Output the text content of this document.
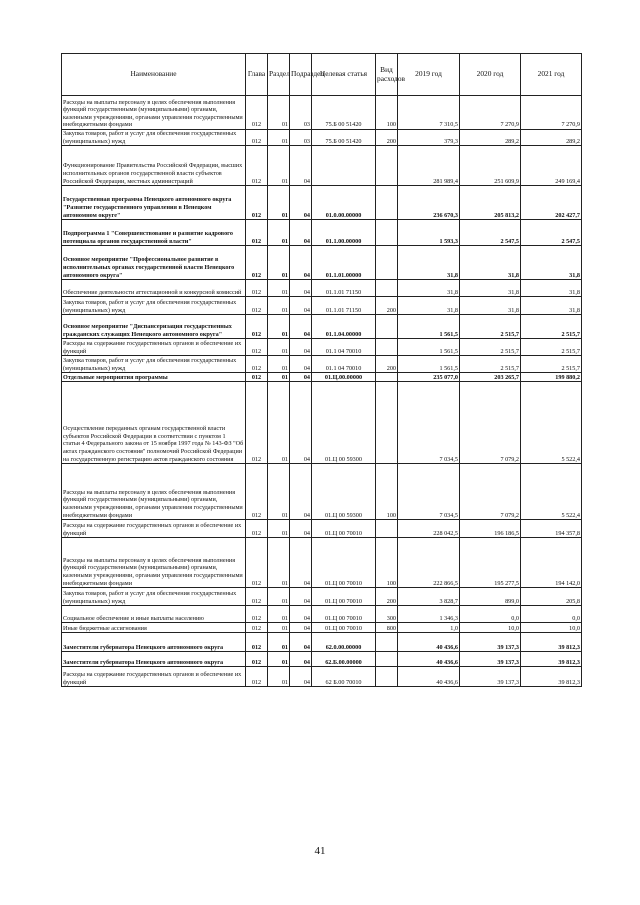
Наименование	Глава	Раздел	Подраздел	Целевая статья	Вид расходов	2019 год	2020 год	2021 год
Расходы на выплаты персоналу в целях обеспечения выполнения функций государственными (муниципальными) органами, казенными учреждениями, органами управления государственными внебюджетными фондами	012	01	03	75.Б 00 51420	100	7 310,5	7 270,9	7 270,9
Закупка товаров, работ и услуг для обеспечения государственных (муниципальных) нужд	012	01	03	75.Б 00 51420	200	379,3	289,2	289,2
Функционирование Правительства Российской Федерации, высших исполнительных органов государственной власти субъектов Российской Федерации, местных администраций	012	01	04			281 989,4	251 609,9	249 169,4
Государственная программа Ненецкого автономного округа "Развитие государственного управления в Ненецком автономном округе"	012	01	04	01.0.00.00000		236 670,3	205 813,2	202 427,7
Подпрограмма 1 "Совершенствование и развитие кадрового потенциала органов государственной власти"	012	01	04	01.1.00.00000		1 593,3	2 547,5	2 547,5
Основное мероприятие "Профессиональное развитие в исполнительных органах государственной власти Ненецкого автономного округа"	012	01	04	01.1.01.00000		31,8	31,8	31,8
Обеспечение деятельности аттестационной и конкурсной комиссий	012	01	04	01.1.01 71150		31,8	31,8	31,8
Закупка товаров, работ и услуг для обеспечения государственных (муниципальных) нужд	012	01	04	01.1.01 71150	200	31,8	31,8	31,8
Основное мероприятие "Диспансеризация государственных гражданских служащих Ненецкого автономного округа"	012	01	04	01.1.04.00000		1 561,5	2 515,7	2 515,7
Расходы на содержание государственных органов и обеспечение их функций	012	01	04	01.1 04 70010		1 561,5	2 515,7	2 515,7
Закупка товаров, работ и услуг для обеспечения государственных (муниципальных) нужд	012	01	04	01.1 04 70010	200	1 561,5	2 515,7	2 515,7
Отдельные мероприятия программы	012	01	04	01.Ц.00.00000		235 077,0	203 265,7	199 880,2
Осуществление переданных органам государственной власти субъектов Российской Федерации в соответствии с пунктом 1 статьи 4 Федерального закона от 15 ноября 1997 года № 143-ФЗ "Об актах гражданского состояния" полномочий Российской Федерации на государственную регистрацию актов гражданского состояния	012	01	04	01.Ц 00 59300		7 034,5	7 079,2	5 522,4
Расходы на выплаты персоналу в целях обеспечения выполнения функций государственными (муниципальными) органами, казенными учреждениями, органами управления государственными внебюджетными фондами	012	01	04	01.Ц 00 59300	100	7 034,5	7 079,2	5 522,4
Расходы на содержание государственных органов и обеспечение их функций	012	01	04	01.Ц 00 70010		228 042,5	196 186,5	194 357,8
Расходы на выплаты персоналу в целях обеспечения выполнения функций государственными (муниципальными) органами, казенными учреждениями, органами управления государственными внебюджетными фондами	012	01	04	01.Ц 00 70010	100	222 866,5	195 277,5	194 142,0
Закупка товаров, работ и услуг для обеспечения государственных (муниципальных) нужд	012	01	04	01.Ц 00 70010	200	3 828,7	899,0	205,8
Социальное обеспечение и иные выплаты населению	012	01	04	01.Ц 00 70010	300	1 346,3	0,0	0,0
Иные бюджетные ассигнования	012	01	04	01.Ц 00 70010	800	1,0	10,0	10,0
Заместители губернатора Ненецкого автономного округа	012	01	04	62.0.00.00000		40 436,6	39 137,3	39 812,3
Заместители губернатора Ненецкого автономного округа	012	01	04	62.Б.00.00000		40 436,6	39 137,3	39 812,3
Расходы на содержание государственных органов и обеспечение их функций	012	01	04	62 Б.00 70010		40 436,6	39 137,3	39 812,3
41
